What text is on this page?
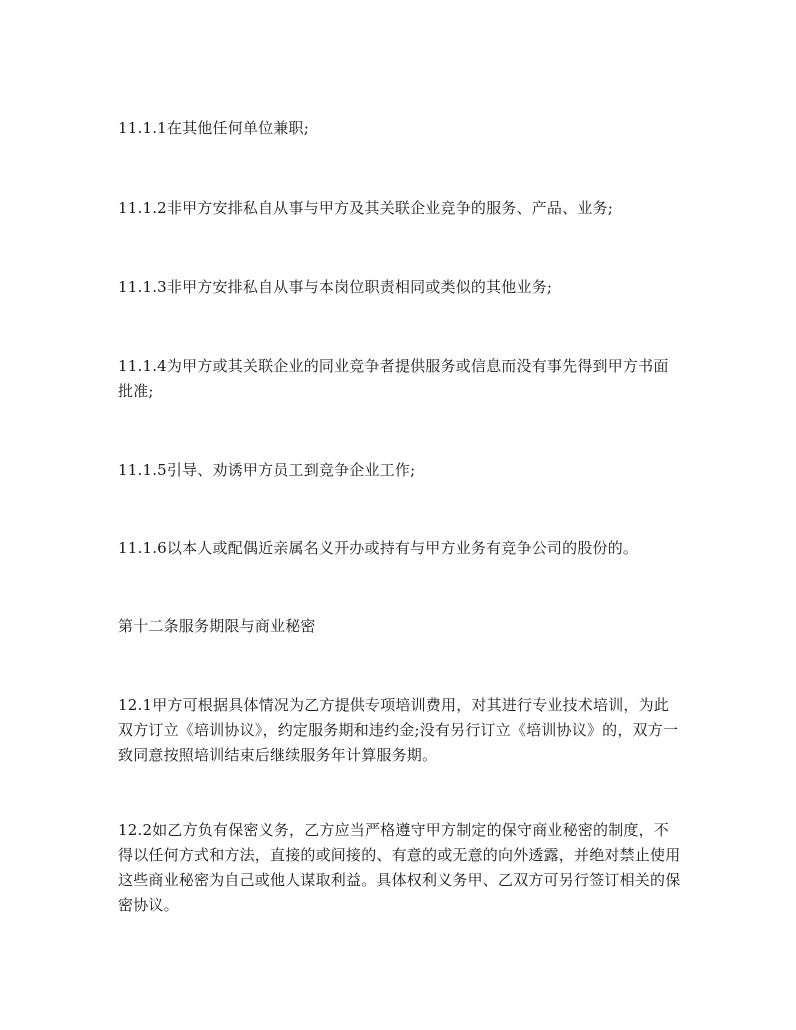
11.1.1在其他任何单位兼职;

11.1.2非甲方安排私自从事与甲方及其关联企业竞争的服务、产品、业务;

11.1.3非甲方安排私自从事与本岗位职责相同或类似的其他业务;

11.1.4为甲方或其关联企业的同业竞争者提供服务或信息而没有事先得到甲方书面批准;

11.1.5引导、劝诱甲方员工到竞争企业工作;

11.1.6以本人或配偶近亲属名义开办或持有与甲方业务有竞争公司的股份的。

第十二条服务期限与商业秘密

12.1甲方可根据具体情况为乙方提供专项培训费用，对其进行专业技术培训，为此双方订立《培训协议》，约定服务期和违约金;没有另行订立《培训协议》的，双方一致同意按照培训结束后继续服务年计算服务期。

12.2如乙方负有保密义务，乙方应当严格遵守甲方制定的保守商业秘密的制度，不得以任何方式和方法，直接的或间接的、有意的或无意的向外透露，并绝对禁止使用这些商业秘密为自己或他人谋取利益。具体权利义务甲、乙双方可另行签订相关的保密协议。
